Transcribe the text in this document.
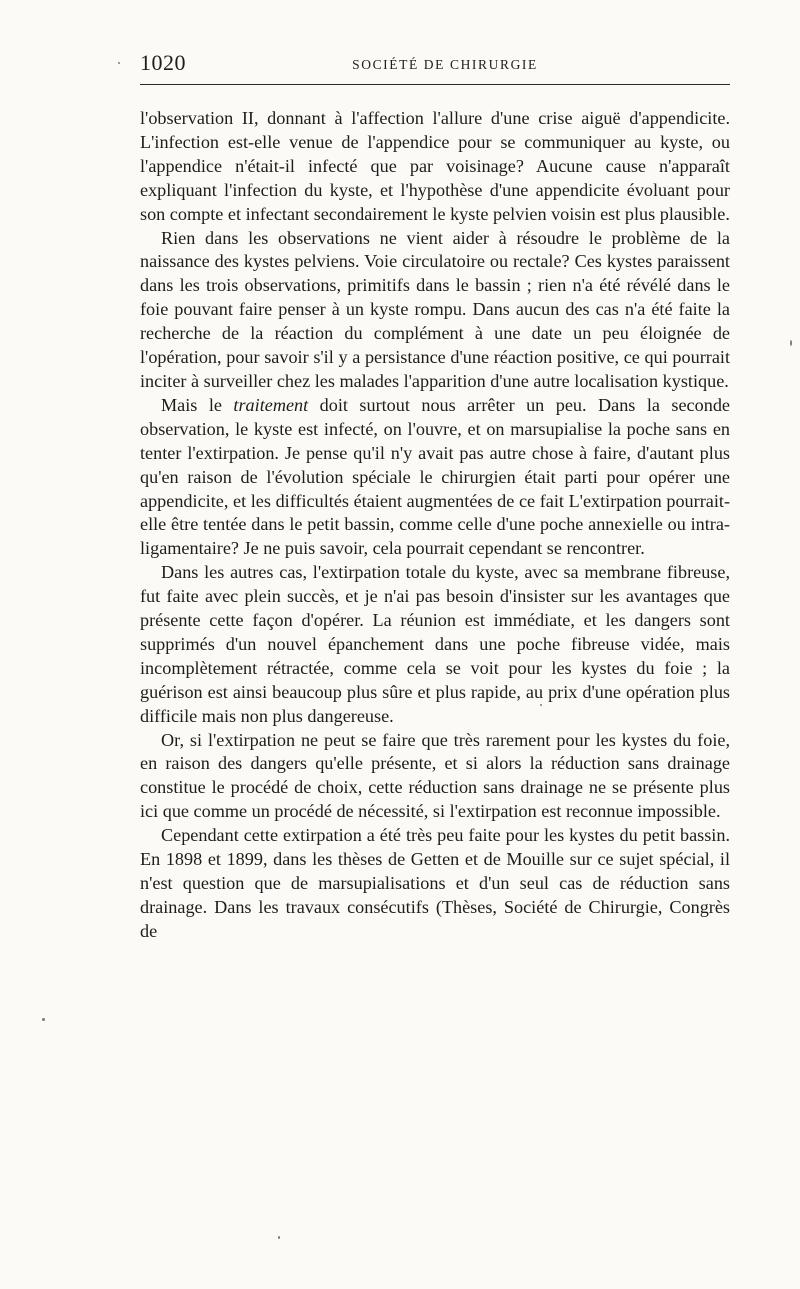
1020	SOCIÉTÉ DE CHIRURGIE

l'observation II, donnant à l'affection l'allure d'une crise aiguë d'appendicite. L'infection est-elle venue de l'appendice pour se communiquer au kyste, ou l'appendice n'était-il infecté que par voisinage? Aucune cause n'apparaît expliquant l'infection du kyste, et l'hypothèse d'une appendicite évoluant pour son compte et infectant secondairement le kyste pelvien voisin est plus plausible.

Rien dans les observations ne vient aider à résoudre le problème de la naissance des kystes pelviens. Voie circulatoire ou rectale? Ces kystes paraissent dans les trois observations, primitifs dans le bassin ; rien n'a été révélé dans le foie pouvant faire penser à un kyste rompu. Dans aucun des cas n'a été faite la recherche de la réaction du complément à une date un peu éloignée de l'opération, pour savoir s'il y a persistance d'une réaction positive, ce qui pourrait inciter à surveiller chez les malades l'apparition d'une autre localisation kystique.

Mais le traitement doit surtout nous arrêter un peu. Dans la seconde observation, le kyste est infecté, on l'ouvre, et on marsupialise la poche sans en tenter l'extirpation. Je pense qu'il n'y avait pas autre chose à faire, d'autant plus qu'en raison de l'évolution spéciale le chirurgien était parti pour opérer une appendicite, et les difficultés étaient augmentées de ce fait L'extirpation pourrait-elle être tentée dans le petit bassin, comme celle d'une poche annexielle ou intra-ligamentaire? Je ne puis savoir, cela pourrait cependant se rencontrer.

Dans les autres cas, l'extirpation totale du kyste, avec sa membrane fibreuse, fut faite avec plein succès, et je n'ai pas besoin d'insister sur les avantages que présente cette façon d'opérer. La réunion est immédiate, et les dangers sont supprimés d'un nouvel épanchement dans une poche fibreuse vidée, mais incomplètement rétractée, comme cela se voit pour les kystes du foie ; la guérison est ainsi beaucoup plus sûre et plus rapide, au prix d'une opération plus difficile mais non plus dangereuse.

Or, si l'extirpation ne peut se faire que très rarement pour les kystes du foie, en raison des dangers qu'elle présente, et si alors la réduction sans drainage constitue le procédé de choix, cette réduction sans drainage ne se présente plus ici que comme un procédé de nécessité, si l'extirpation est reconnue impossible.

Cependant cette extirpation a été très peu faite pour les kystes du petit bassin. En 1898 et 1899, dans les thèses de Getten et de Mouille sur ce sujet spécial, il n'est question que de marsupialisations et d'un seul cas de réduction sans drainage. Dans les travaux consécutifs (Thèses, Société de Chirurgie, Congrès de
